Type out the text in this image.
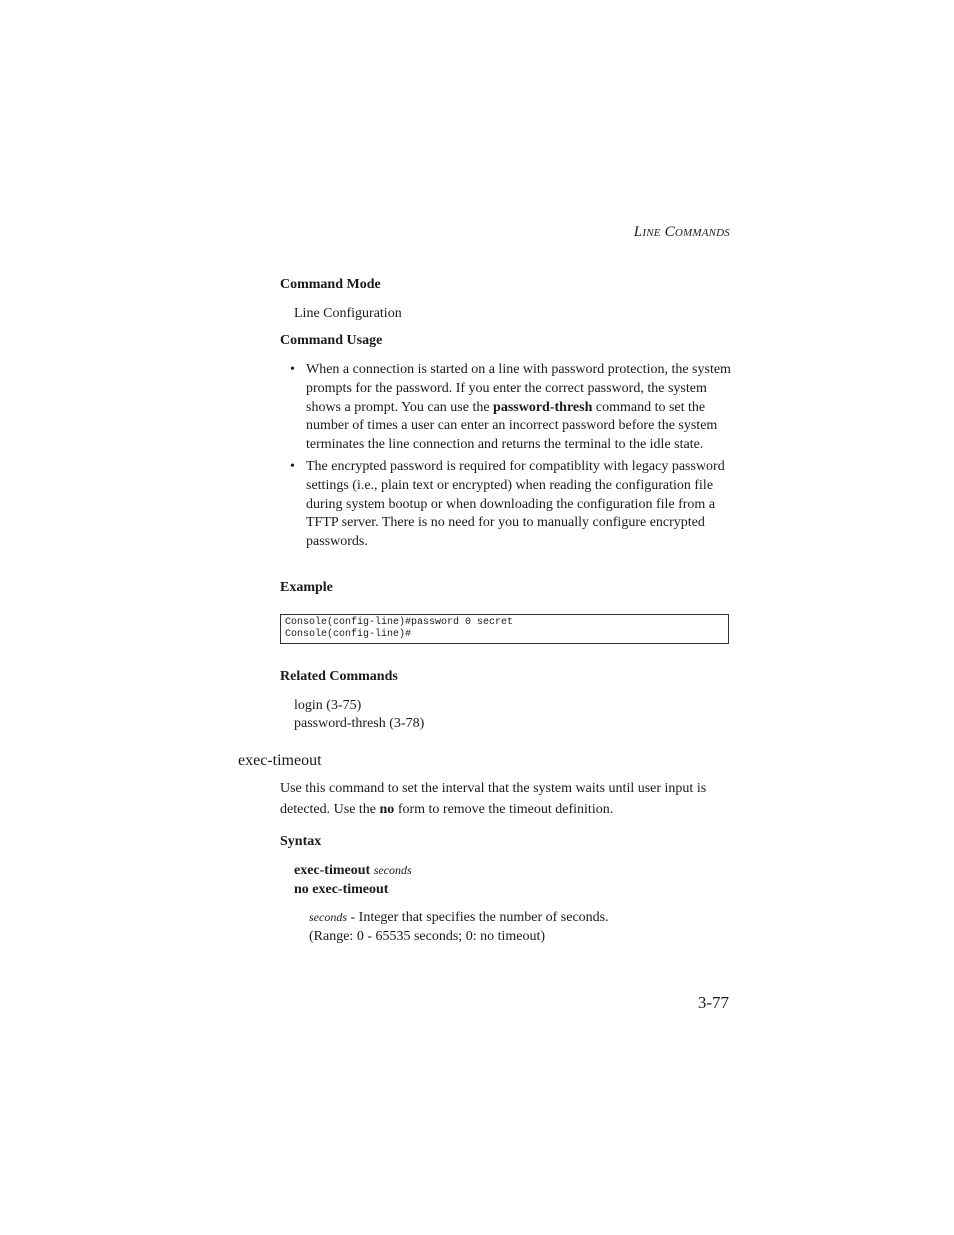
LINE COMMANDS
Command Mode
Line Configuration
Command Usage
• When a connection is started on a line with password protection, the system prompts for the password. If you enter the correct password, the system shows a prompt. You can use the password-thresh command to set the number of times a user can enter an incorrect password before the system terminates the line connection and returns the terminal to the idle state.
• The encrypted password is required for compatiblity with legacy password settings (i.e., plain text or encrypted) when reading the configuration file during system bootup or when downloading the configuration file from a TFTP server. There is no need for you to manually configure encrypted passwords.
Example
Console(config-line)#password 0 secret
Console(config-line)#
Related Commands
login (3-75)
password-thresh (3-78)
exec-timeout
Use this command to set the interval that the system waits until user input is detected. Use the no form to remove the timeout definition.
Syntax
exec-timeout seconds
no exec-timeout
seconds - Integer that specifies the number of seconds.
(Range: 0 - 65535 seconds; 0: no timeout)
3-77
